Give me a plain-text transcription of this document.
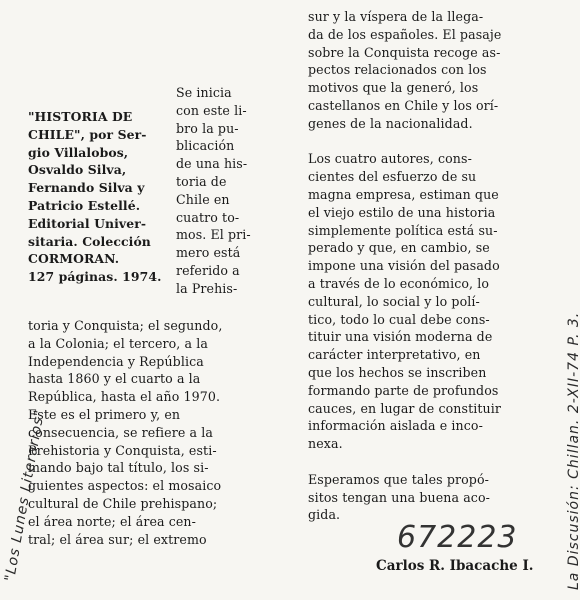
"HISTORIA DE
CHILE", por Ser-
gio Villalobos,
Osvaldo Silva,
Fernando Silva y
Patricio Estellé.
Editorial Univer-
sitaria. Colección
CORMORAN.
127 páginas. 1974.
Se inicia
con este li-
bro la pu-
blicación
de una his-
toria de
Chile en
cuatro to-
mos. El pri-
mero está
referido a
la Prehis-
toria y Conquista; el segundo,
a la Colonia; el tercero, a la
Independencia y República
hasta 1860 y el cuarto a la
República, hasta el año 1970.
Este es el primero y, en
consecuencia, se refiere a la
Prehistoria y Conquista, esti-
mando bajo tal título, los si-
guientes aspectos: el mosaico
cultural de Chile prehispano;
el área norte; el área cen-
tral; el área sur; el extremo
sur y la víspera de la llega-
da de los españoles. El pasaje
sobre la Conquista recoge as-
pectos relacionados con los
motivos que la generó, los
castellanos en Chile y los orí-
genes de la nacionalidad.

Los cuatro autores, cons-
cientes del esfuerzo de su
magna empresa, estiman que
el viejo estilo de una historia
simplemente política está su-
perado y que, en cambio, se
impone una visión del pasado
a través de lo económico, lo
cultural, lo social y lo polí-
tico, todo lo cual debe cons-
tituir una visión moderna de
carácter interpretativo, en
que los hechos se inscriben
formando parte de profundos
cauces, en lugar de constituir
información aislada e inco-
nexa.

Esperamos que tales propó-
sitos tengan una buena aco-
gida.
672223
Carlos R. Ibacache I.
"Los Lunes Literarios"	La Discusión: Chillan. 2-XII-74 P. 3.
